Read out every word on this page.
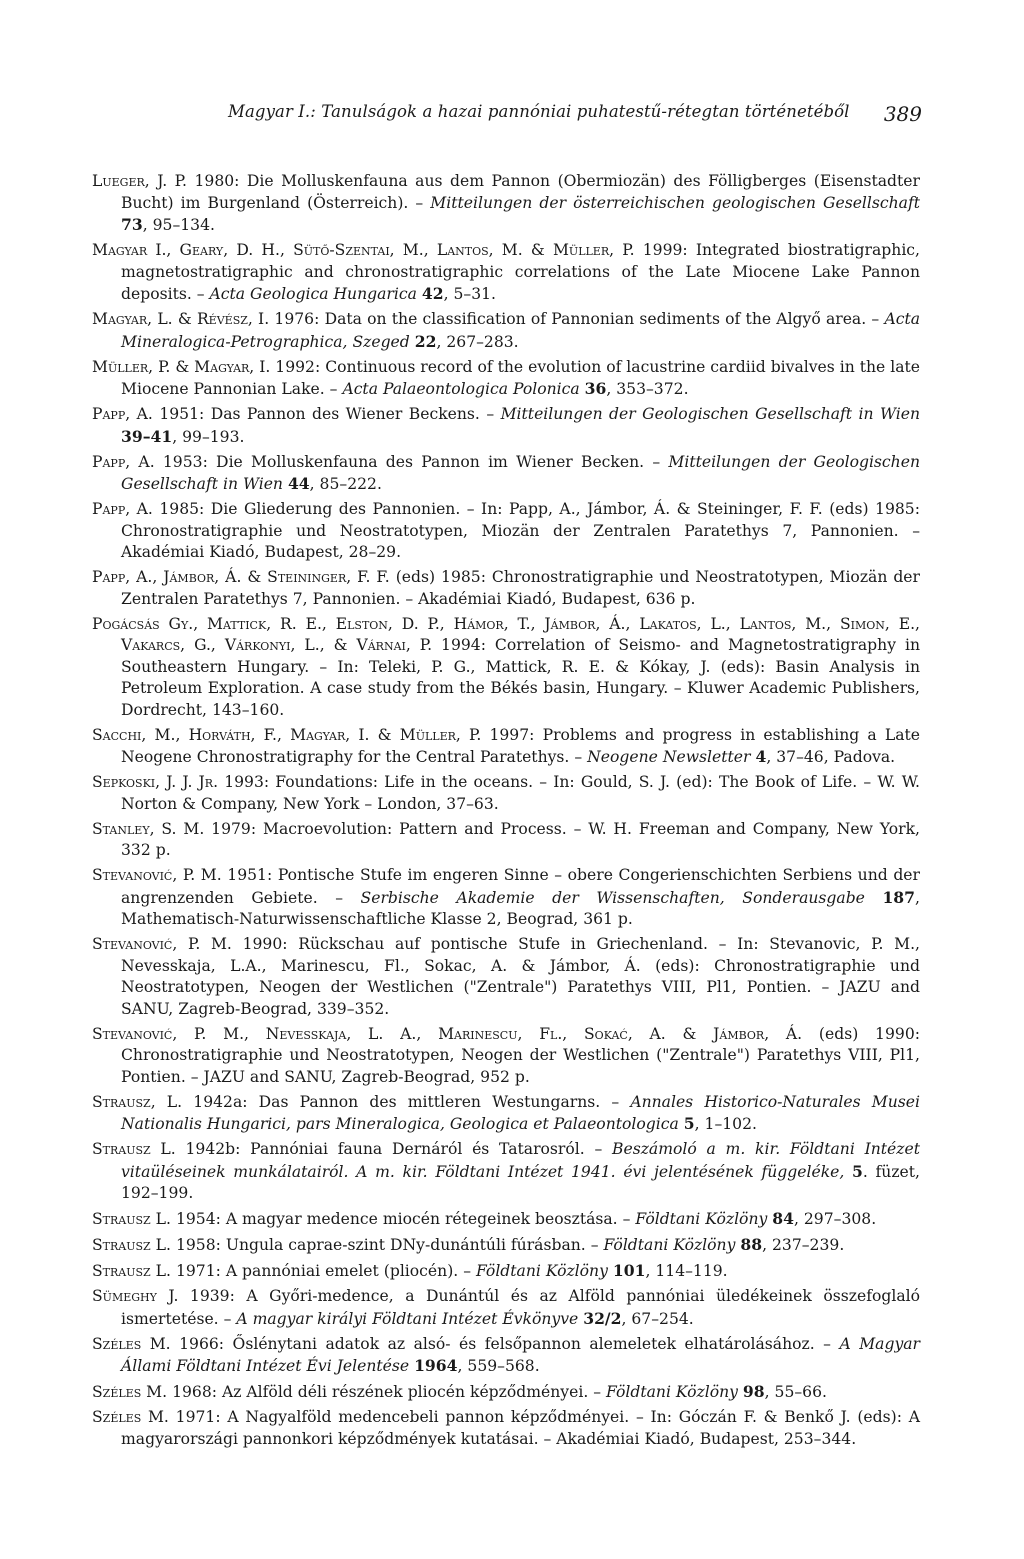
Magyar I.: Tanulságok a hazai pannóniai puhatestű-rétegtan történetéből 389
Lueger, J. P. 1980: Die Molluskenfauna aus dem Pannon (Obermiozän) des Fölligberges (Eisenstadter Bucht) im Burgenland (Österreich). – Mitteilungen der österreichischen geologischen Gesellschaft 73, 95–134.
Magyar I., Geary, D. H., Sütő-Szentai, M., Lantos, M. & Müller, P. 1999: Integrated biostratigraphic, magnetostratigraphic and chronostratigraphic correlations of the Late Miocene Lake Pannon deposits. – Acta Geologica Hungarica 42, 5–31.
Magyar, L. & Révész, I. 1976: Data on the classification of Pannonian sediments of the Algyő area. – Acta Mineralogica-Petrographica, Szeged 22, 267–283.
Müller, P. & Magyar, I. 1992: Continuous record of the evolution of lacustrine cardiid bivalves in the late Miocene Pannonian Lake. – Acta Palaeontologica Polonica 36, 353–372.
Papp, A. 1951: Das Pannon des Wiener Beckens. – Mitteilungen der Geologischen Gesellschaft in Wien 39–41, 99–193.
Papp, A. 1953: Die Molluskenfauna des Pannon im Wiener Becken. – Mitteilungen der Geologischen Gesellschaft in Wien 44, 85–222.
Papp, A. 1985: Die Gliederung des Pannonien. – In: Papp, A., Jámbor, Á. & Steininger, F. F. (eds) 1985: Chronostratigraphie und Neostratotypen, Miozän der Zentralen Paratethys 7, Pannonien. – Akadémiai Kiadó, Budapest, 28–29.
Papp, A., Jámbor, Á. & Steininger, F. F. (eds) 1985: Chronostratigraphie und Neostratotypen, Miozän der Zentralen Paratethys 7, Pannonien. – Akadémiai Kiadó, Budapest, 636 p.
Pogácsás Gy., Mattick, R. E., Elston, D. P., Hámor, T., Jámbor, Á., Lakatos, L., Lantos, M., Simon, E., Vakarcs, G., Várkonyi, L., & Várnai, P. 1994: Correlation of Seismo- and Magnetostratigraphy in Southeastern Hungary. – In: Teleki, P. G., Mattick, R. E. & Kókay, J. (eds): Basin Analysis in Petroleum Exploration. A case study from the Békés basin, Hungary. – Kluwer Academic Publishers, Dordrecht, 143–160.
Sacchi, M., Horváth, F., Magyar, I. & Müller, P. 1997: Problems and progress in establishing a Late Neogene Chronostratigraphy for the Central Paratethys. – Neogene Newsletter 4, 37–46, Padova.
Sepkoski, J. J. Jr. 1993: Foundations: Life in the oceans. – In: Gould, S. J. (ed): The Book of Life. – W. W. Norton & Company, New York – London, 37–63.
Stanley, S. M. 1979: Macroevolution: Pattern and Process. – W. H. Freeman and Company, New York, 332 p.
Stevanović, P. M. 1951: Pontische Stufe im engeren Sinne – obere Congerienschichten Serbiens und der angrenzenden Gebiete. – Serbische Akademie der Wissenschaften, Sonderausgabe 187, Mathematisch-Naturwissenschaftliche Klasse 2, Beograd, 361 p.
Stevanović, P. M. 1990: Rückschau auf pontische Stufe in Griechenland. – In: Stevanovic, P. M., Nevesskaja, L.A., Marinescu, Fl., Sokac, A. & Jámbor, Á. (eds): Chronostratigraphie und Neostratotypen, Neogen der Westlichen ("Zentrale") Paratethys VIII, Pl1, Pontien. – JAZU and SANU, Zagreb-Beograd, 339–352.
Stevanović, P. M., Nevesskaja, L. A., Marinescu, Fl., Sokać, A. & Jámbor, Á. (eds) 1990: Chronostratigraphie und Neostratotypen, Neogen der Westlichen ("Zentrale") Paratethys VIII, Pl1, Pontien. – JAZU and SANU, Zagreb-Beograd, 952 p.
Strausz, L. 1942a: Das Pannon des mittleren Westungarns. – Annales Historico-Naturales Musei Nationalis Hungarici, pars Mineralogica, Geologica et Palaeontologica 5, 1–102.
Strausz L. 1942b: Pannóniai fauna Dernáról és Tatarosról. – Beszámoló a m. kir. Földtani Intézet vitaüléseinek munkálatairól. A m. kir. Földtani Intézet 1941. évi jelentésének függeléke, 5. füzet, 192–199.
Strausz L. 1954: A magyar medence miocén rétegeinek beosztása. – Földtani Közlöny 84, 297–308.
Strausz L. 1958: Ungula caprae-szint DNy-dunántúli fúrásban. – Földtani Közlöny 88, 237–239.
Strausz L. 1971: A pannóniai emelet (pliocén). – Földtani Közlöny 101, 114–119.
Sümeghy J. 1939: A Győri-medence, a Dunántúl és az Alföld pannóniai üledékeinek összefoglaló ismertetése. – A magyar királyi Földtani Intézet Évkönyve 32/2, 67–254.
Széles M. 1966: Őslénytani adatok az alsó- és felsőpannon alemeletek elhatárolásához. – A Magyar Állami Földtani Intézet Évi Jelentése 1964, 559–568.
Széles M. 1968: Az Alföld déli részének pliocén képződményei. – Földtani Közlöny 98, 55–66.
Széles M. 1971: A Nagyalföld medencebeli pannon képződményei. – In: Góczán F. & Benkő J. (eds): A magyarországi pannonkori képződmények kutatásai. – Akadémiai Kiadó, Budapest, 253–344.
